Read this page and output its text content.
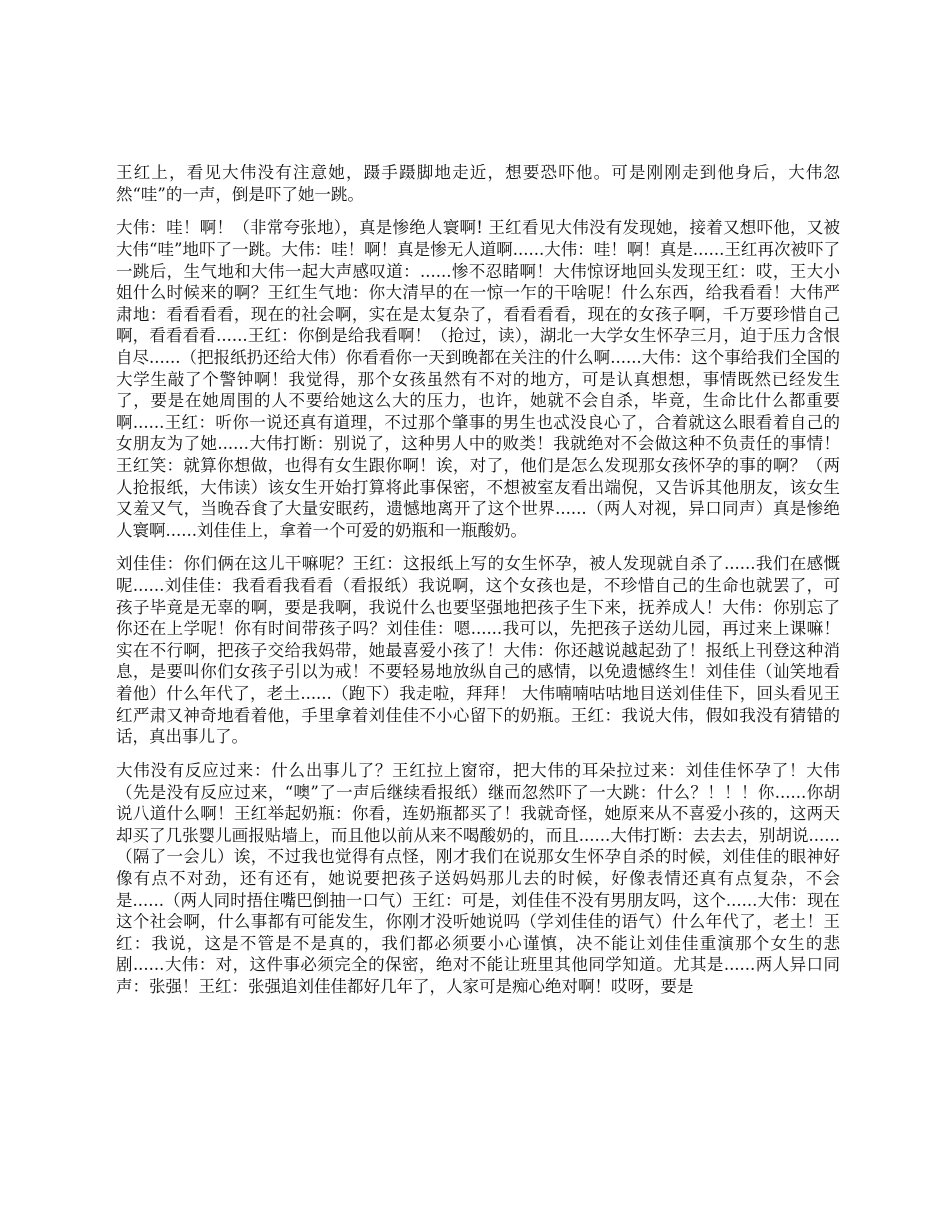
王红上，看见大伟没有注意她，蹑手蹑脚地走近，想要恐吓他。可是刚刚走到他身后，大伟忽然“哇”的一声，倒是吓了她一跳。

大伟：哇！啊！（非常夸张地），真是惨绝人寰啊! 王红看见大伟没有发现她，接着又想吓他，又被大伟“哇”地吓了一跳。大伟：哇！啊！真是惨无人道啊......大伟：哇！啊！真是......王红再次被吓了一跳后，生气地和大伟一起大声感叹道：......惨不忍睹啊！大伟惊讶地回头发现王红：哎，王大小姐什么时候来的啊？王红生气地：你大清早的在一惊一乍的干啥呢！什么东西，给我看看！大伟严肃地：看看看看，现在的社会啊，实在是太复杂了，看看看看，现在的女孩子啊，千万要珍惜自己啊，看看看看......王红：你倒是给我看啊！（抢过，读），湖北一大学女生怀孕三月，迫于压力含恨自尽......（把报纸扔还给大伟）你看看你一天到晚都在关注的什么啊......大伟：这个事给我们全国的大学生敲了个警钟啊！我觉得，那个女孩虽然有不对的地方，可是认真想想，事情既然已经发生了，要是在她周围的人不要给她这么大的压力，也许，她就不会自杀，毕竟，生命比什么都重要啊......王红：听你一说还真有道理，不过那个肇事的男生也忒没良心了，合着就这么眼看着自己的女朋友为了她......大伟打断：别说了，这种男人中的败类！我就绝对不会做这种不负责任的事情！王红笑：就算你想做，也得有女生跟你啊！诶，对了，他们是怎么发现那女孩怀孕的事的啊？（两人抢报纸，大伟读）该女生开始打算将此事保密，不想被室友看出端倪，又告诉其他朋友，该女生又羞又气，当晚吞食了大量安眠药，遗憾地离开了这个世界......（两人对视，异口同声）真是惨绝人寰啊......刘佳佳上，拿着一个可爱的奶瓶和一瓶酸奶。

刘佳佳：你们俩在这儿干嘛呢？王红：这报纸上写的女生怀孕，被人发现就自杀了......我们在感慨呢......刘佳佳：我看看我看看（看报纸）我说啊，这个女孩也是，不珍惜自己的生命也就罢了，可孩子毕竟是无辜的啊，要是我啊，我说什么也要坚强地把孩子生下来，抚养成人！大伟：你别忘了你还在上学呢！你有时间带孩子吗？刘佳佳：嗯......我可以，先把孩子送幼儿园，再过来上课嘛！实在不行啊，把孩子交给我妈带，她最喜爱小孩了！大伟：你还越说越起劲了！报纸上刊登这种消息，是要叫你们女孩子引以为戒！不要轻易地放纵自己的感情，以免遗憾终生！刘佳佳（讪笑地看着他）什么年代了，老土......（跑下）我走啦，拜拜！ 大伟喃喃咕咕地目送刘佳佳下，回头看见王红严肃又神奇地看着他，手里拿着刘佳佳不小心留下的奶瓶。王红：我说大伟，假如我没有猜错的话，真出事儿了。

大伟没有反应过来：什么出事儿了？王红拉上窗帘，把大伟的耳朵拉过来：刘佳佳怀孕了！大伟（先是没有反应过来，“噢”了一声后继续看报纸）继而忽然吓了一大跳：什么？！！！你......你胡说八道什么啊！王红举起奶瓶：你看，连奶瓶都买了！我就奇怪，她原来从不喜爱小孩的，这两天却买了几张婴儿画报贴墙上，而且他以前从来不喝酸奶的，而且......大伟打断：去去去，别胡说......（隔了一会儿）诶，不过我也觉得有点怪，刚才我们在说那女生怀孕自杀的时候，刘佳佳的眼神好像有点不对劲，还有还有，她说要把孩子送妈妈那儿去的时候，好像表情还真有点复杂，不会是......（两人同时捂住嘴巴倒抽一口气）王红：可是，刘佳佳不没有男朋友吗，这个......大伟：现在这个社会啊，什么事都有可能发生，你刚才没听她说吗（学刘佳佳的语气）什么年代了，老土！王红：我说，这是不管是不是真的，我们都必须要小心谨慎，决不能让刘佳佳重演那个女生的悲剧......大伟：对，这件事必须完全的保密，绝对不能让班里其他同学知道。尤其是......两人异口同声：张强！王红：张强追刘佳佳都好几年了，人家可是痴心绝对啊！哎呀，要是
